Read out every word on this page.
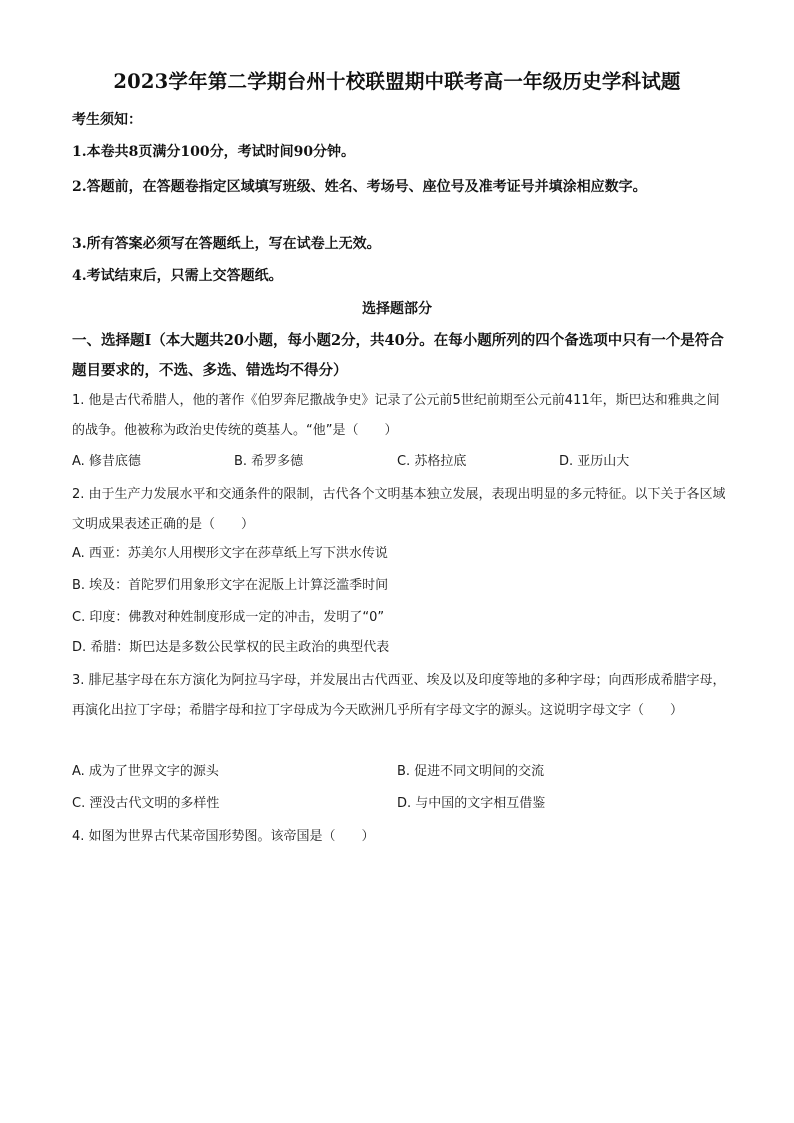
2023学年第二学期台州十校联盟期中联考高一年级历史学科试题
考生须知：
1.本卷共8页满分100分，考试时间90分钟。
2.答题前，在答题卷指定区域填写班级、姓名、考场号、座位号及准考证号并填涂相应数字。
3.所有答案必须写在答题纸上，写在试卷上无效。
4.考试结束后，只需上交答题纸。
选择题部分
一、选择题Ⅰ（本大题共20小题，每小题2分，共40分。在每小题所列的四个备选项中只有一个是符合题目要求的，不选、多选、错选均不得分）
1. 他是古代希腊人，他的著作《伯罗奔尼撒战争史》记录了公元前5世纪前期至公元前411年，斯巴达和雅典之间的战争。他被称为政治史传统的奠基人。“他”是（　　）
A. 修昔底德	B. 希罗多德	C. 苏格拉底	D. 亚历山大
2. 由于生产力发展水平和交通条件的限制，古代各个文明基本独立发展，表现出明显的多元特征。以下关于各区域文明成果表述正确的是（　　）
A. 西亚：苏美尔人用楔形文字在莎草纸上写下洪水传说
B. 埃及：首陀罗们用象形文字在泥版上计算泛滥季时间
C. 印度：佛教对种姓制度形成一定的冲击，发明了“0”
D. 希腊：斯巴达是多数公民掌权的民主政治的典型代表
3. 腓尼基字母在东方演化为阿拉马字母，并发展出古代西亚、埃及以及印度等地的多种字母；向西形成希腊字母，再演化出拉丁字母；希腊字母和拉丁字母成为今天欧洲几乎所有字母文字的源头。这说明字母文字（　　）
A. 成为了世界文字的源头	B. 促进不同文明间的交流
C. 湮没古代文明的多样性	D. 与中国的文字相互借鉴
4. 如图为世界古代某帝国形势图。该帝国是（　　）
